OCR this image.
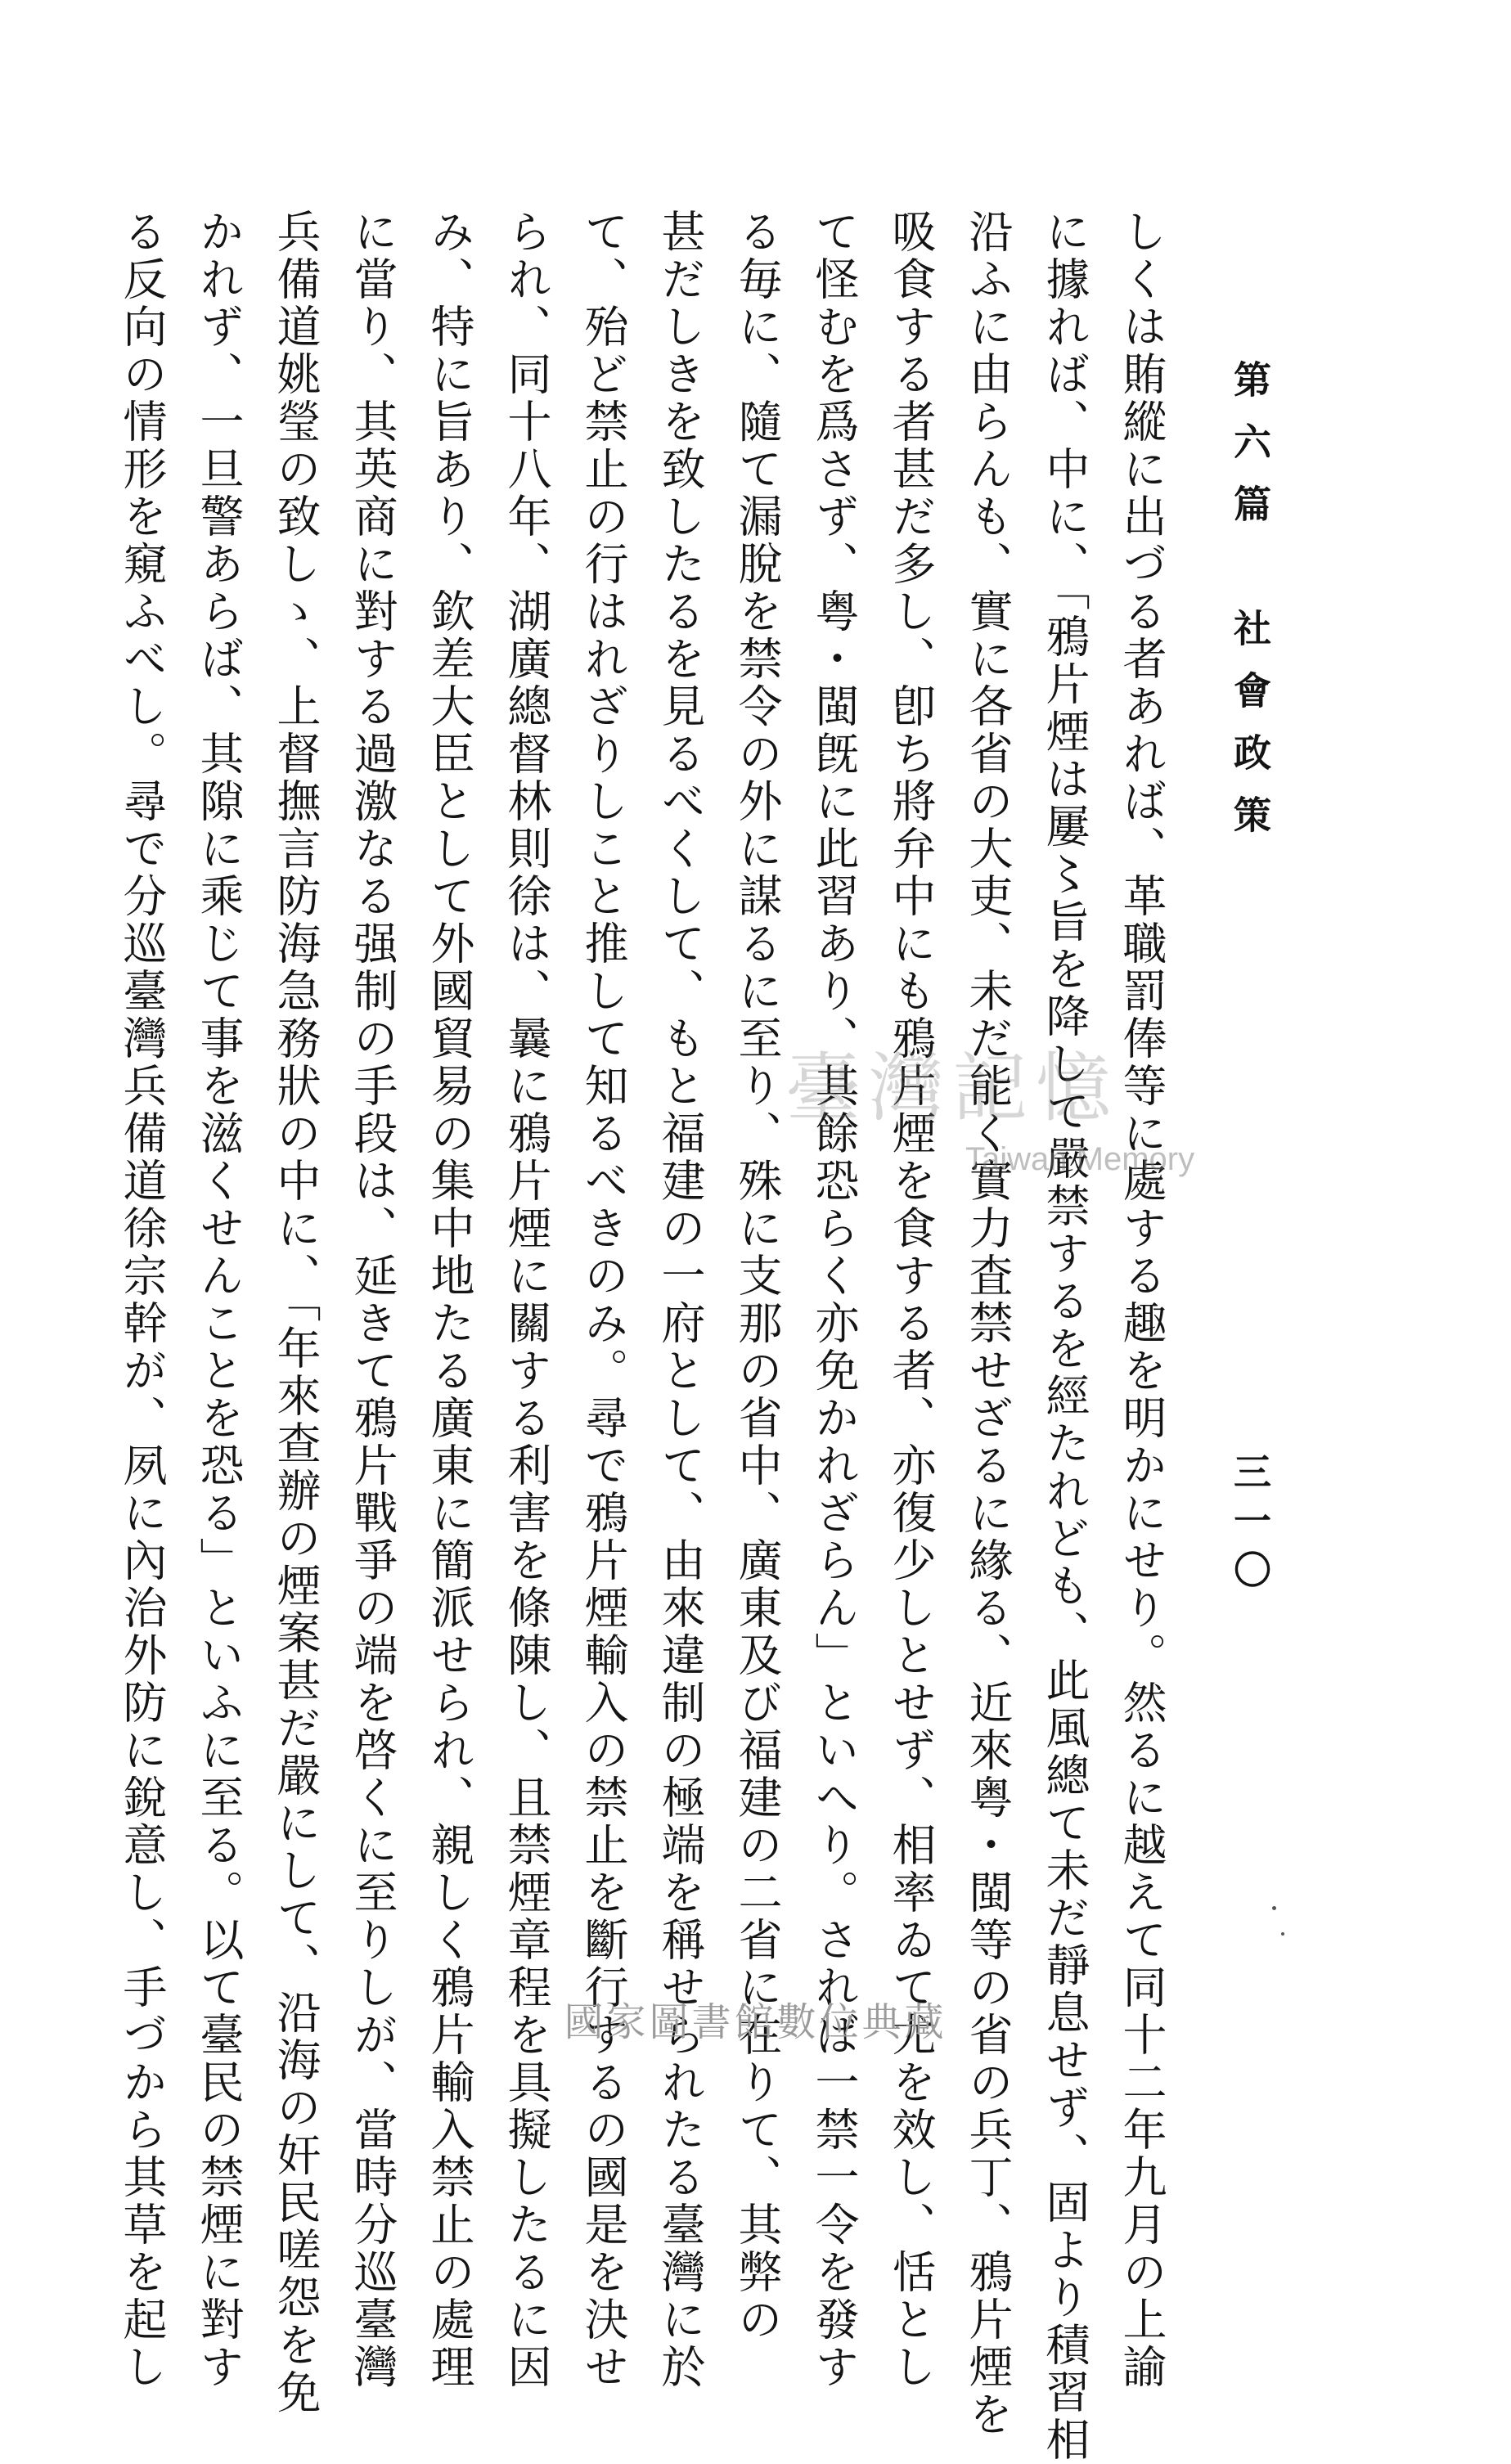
第六篇　社會政策
三一〇
しくは賄縱に出づる者あれば、革職罰俸等に處する趣を明かにせり。然るに越えて同十二年九月の上諭
に據れば、中に、「鴉片煙は屢〻旨を降して嚴禁するを經たれども、此風總て未だ靜息せず、固より積習相
沿ふに由らんも、實に各省の大吏、未だ能く實力査禁せざるに緣る、近來粤・閩等の省の兵丁、鴉片煙を
吸食する者甚だ多し、卽ち將弁中にも鴉片煙を食する者、亦復少しとせず、相率ゐて尤を效し、恬とし
て怪むを爲さず、粤・閩旣に此習あり、其餘恐らく亦免かれざらん」といへり。されば一禁一令を發す
る毎に、隨て漏脫を禁令の外に謀るに至り、殊に支那の省中、廣東及び福建の二省に在りて、其弊の
甚だしきを致したるを見るべくして、もと福建の一府として、由來違制の極端を稱せられたる臺灣に於
て、殆ど禁止の行はれざりしこと推して知るべきのみ。尋で鴉片煙輸入の禁止を斷行するの國是を決せ
られ、同十八年、湖廣總督林則徐は、曩に鴉片煙に關する利害を條陳し、且禁煙章程を具擬したるに因
み、特に旨あり、欽差大臣として外國貿易の集中地たる廣東に簡派せられ、親しく鴉片輸入禁止の處理
に當り、其英商に對する過激なる强制の手段は、延きて鴉片戰爭の端を啓くに至りしが、當時分巡臺灣
兵備道姚瑩の致しゝ、上督撫言防海急務狀の中に、「年來查辦の煙案甚だ嚴にして、沿海の奸民嗟怨を免
かれず、一旦警あらば、其隙に乘じて事を滋くせんことを恐る」といふに至る。以て臺民の禁煙に對す
る反向の情形を窺ふべし。尋で分巡臺灣兵備道徐宗幹が、夙に內治外防に銳意し、手づから其草を起し	臺灣記憶
Taiwan Memory
國家圖書館數位典藏
